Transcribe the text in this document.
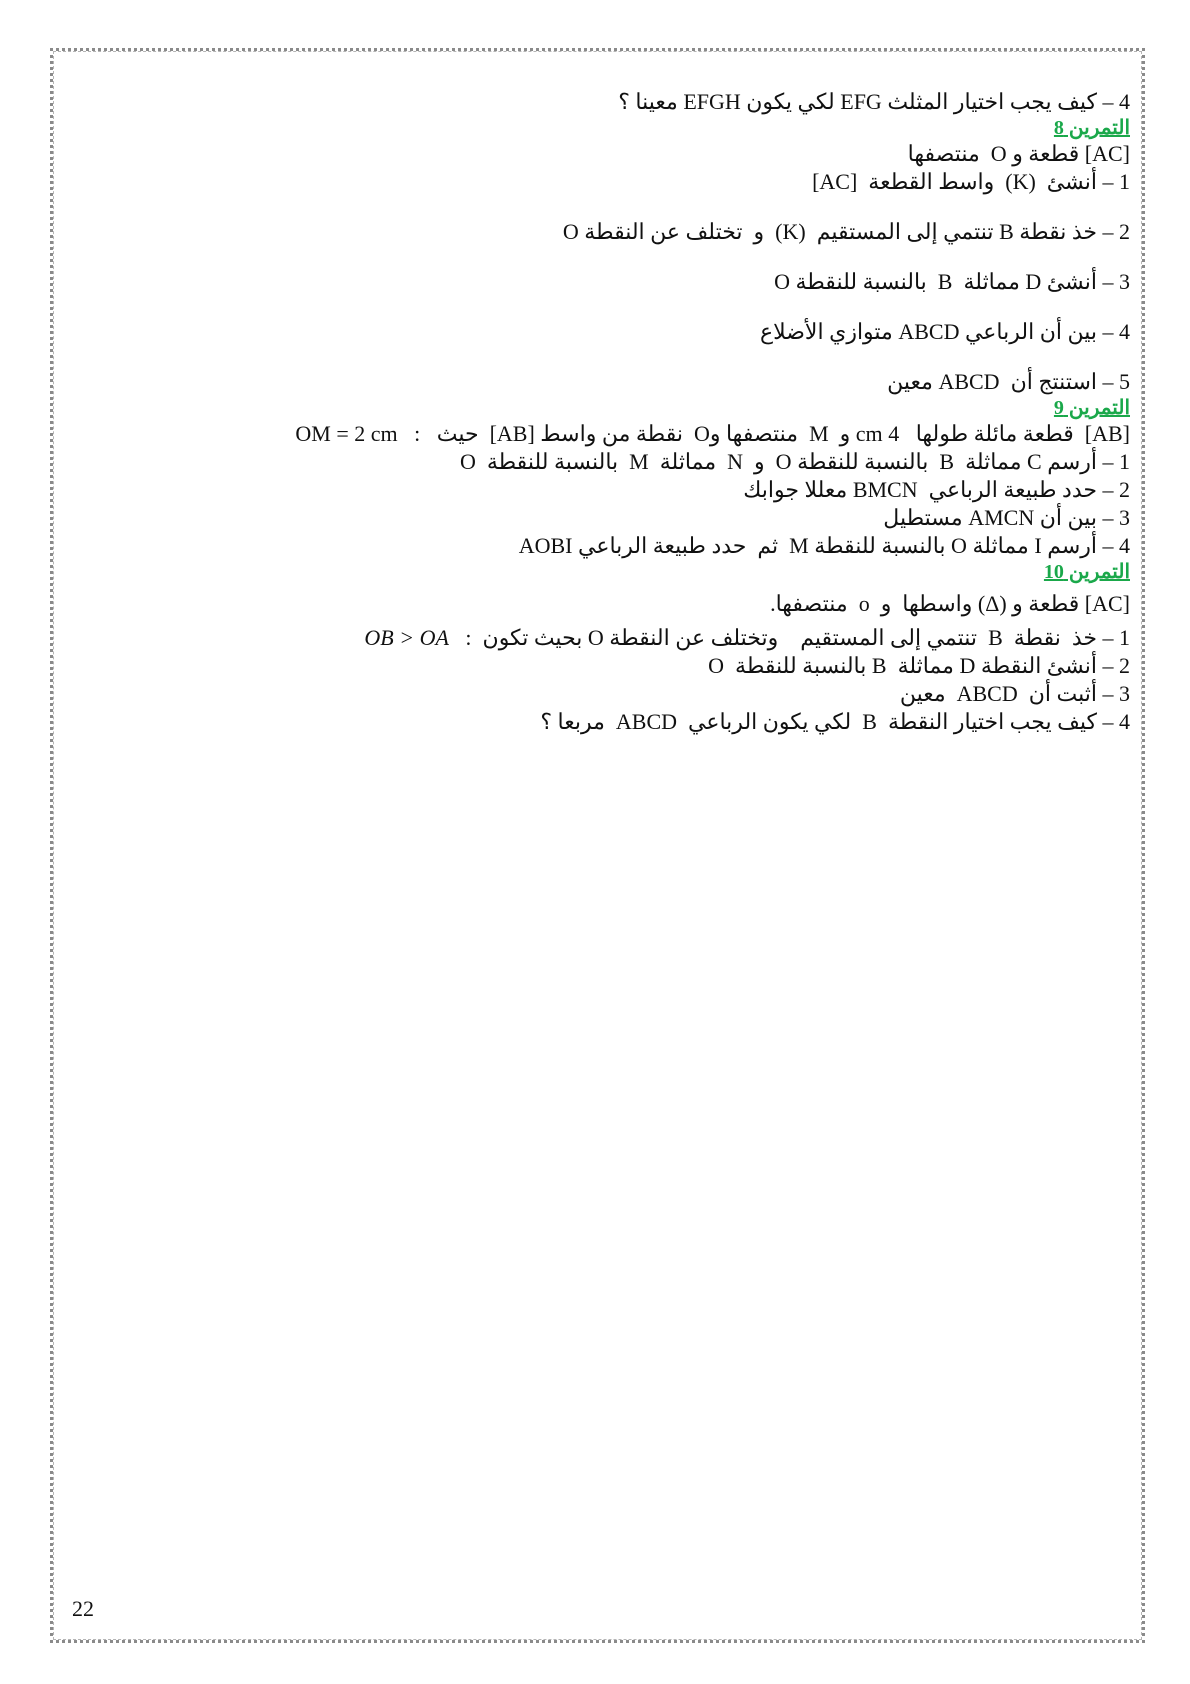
4 – كيف يجب اختيار المثلث EFG لكي يكون EFGH معينا ؟
التمرين 8
[AC] قطعة و O  منتصفها
1 – أنشئ  (K)  واسط القطعة  [AC]
2 – خذ نقطة B تنتمي إلى المستقيم  (K)  و  تختلف عن النقطة O
3 – أنشئ D مماثلة  B  بالنسبة للنقطة O
4 – بين أن الرباعي ABCD متوازي الأضلاع
5 – استنتج أن  ABCD معين
التمرين 9
[AB]  قطعة مائلة طولها   4 cm و  M  منتصفها وO  نقطة من واسط [AB]  حيث   :   OM = 2 cm
1 – أرسم C مماثلة  B  بالنسبة للنقطة O  و  N  مماثلة  M  بالنسبة للنقطة  O
2 – حدد طبيعة الرباعي  BMCN معللا جوابك
3 – بين أن AMCN مستطيل
4 – أرسم I مماثلة O بالنسبة للنقطة M  ثم  حدد طبيعة الرباعي AOBI
التمرين 10
[AC] قطعة و (Δ) واسطها  و  o  منتصفها.
1 – خذ  نقطة  B  تنتمي إلى المستقيم    وتختلف عن النقطة O بحيث تكون  :   OB > OA
2 – أنشئ النقطة D مماثلة  B بالنسبة للنقطة  O
3 – أثبت أن  ABCD  معين
4 – كيف يجب اختيار النقطة  B  لكي يكون الرباعي  ABCD  مربعا ؟
22
